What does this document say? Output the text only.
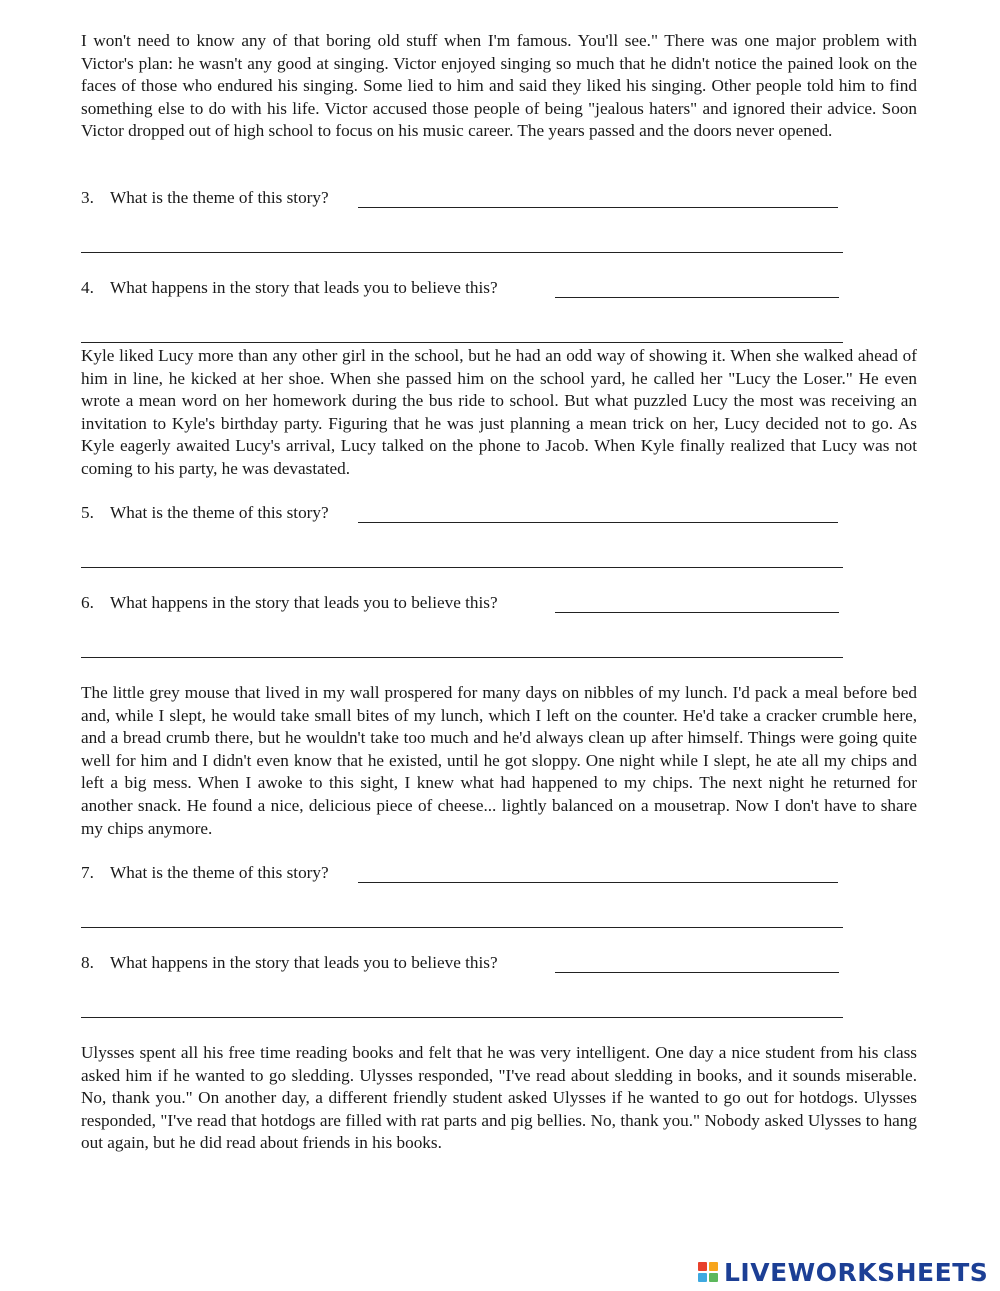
I won't need to know any of that boring old stuff when I'm famous. You'll see." There was one major problem with Victor's plan: he wasn't any good at singing. Victor enjoyed singing so much that he didn't notice the pained look on the faces of those who endured his singing. Some lied to him and said they liked his singing. Other people told him to find something else to do with his life. Victor accused those people of being "jealous haters" and ignored their advice. Soon Victor dropped out of high school to focus on his music career. The years passed and the doors never opened.

3. What is the theme of this story?
4. What happens in the story that leads you to believe this?

Kyle liked Lucy more than any other girl in the school, but he had an odd way of showing it. When she walked ahead of him in line, he kicked at her shoe. When she passed him on the school yard, he called her "Lucy the Loser." He even wrote a mean word on her homework during the bus ride to school. But what puzzled Lucy the most was receiving an invitation to Kyle's birthday party. Figuring that he was just planning a mean trick on her, Lucy decided not to go. As Kyle eagerly awaited Lucy's arrival, Lucy talked on the phone to Jacob. When Kyle finally realized that Lucy was not coming to his party, he was devastated.

5. What is the theme of this story?
6. What happens in the story that leads you to believe this?

The little grey mouse that lived in my wall prospered for many days on nibbles of my lunch. I'd pack a meal before bed and, while I slept, he would take small bites of my lunch, which I left on the counter. He'd take a cracker crumble here, and a bread crumb there, but he wouldn't take too much and he'd always clean up after himself. Things were going quite well for him and I didn't even know that he existed, until he got sloppy. One night while I slept, he ate all my chips and left a big mess. When I awoke to this sight, I knew what had happened to my chips. The next night he returned for another snack. He found a nice, delicious piece of cheese... lightly balanced on a mousetrap. Now I don't have to share my chips anymore.

7. What is the theme of this story?
8. What happens in the story that leads you to believe this?

Ulysses spent all his free time reading books and felt that he was very intelligent. One day a nice student from his class asked him if he wanted to go sledding. Ulysses responded, "I've read about sledding in books, and it sounds miserable. No, thank you." On another day, a different friendly student asked Ulysses if he wanted to go out for hotdogs. Ulysses responded, "I've read that hotdogs are filled with rat parts and pig bellies. No, thank you." Nobody asked Ulysses to hang out again, but he did read about friends in his books.

LIVEWORKSHEETS
